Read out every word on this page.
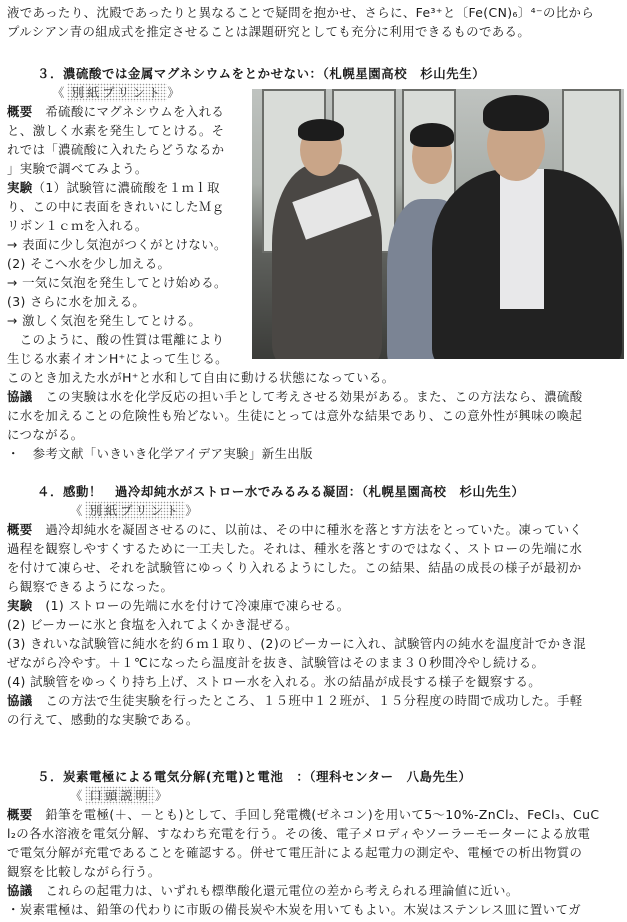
液であったり、沈殿であったりと異なることで疑問を抱かせ、さらに、Fe³⁺と〔Fe(CN)₆〕⁴⁻の比から
プルシアン青の組成式を推定させることは課題研究としても充分に利用できるものである。
３．濃硫酸では金属マグネシウムをとかせない：（札幌星園高校　杉山先生）
《 別紙プリント 》
概要　希硫酸にマグネシウムを入れる
と、激しく水素を発生してとける。そ
れでは「濃硫酸に入れたらどうなるか
」実験で調べてみよう。
実験（1）試験管に濃硫酸を１ｍｌ取
り、この中に表面をきれいにしたＭｇ
リボン１ｃｍを入れる。
→ 表面に少し気泡がつくがとけない。
(2) そこへ水を少し加える。
→ 一気に気泡を発生してとけ始める。
(3) さらに水を加える。
→ 激しく気泡を発生してとける。
　このように、酸の性質は電離により
生じる水素イオンH⁺によって生じる。
このとき加えた水がH⁺と水和して自由に動ける状態になっている。
協議　この実験は水を化学反応の担い手として考えさせる効果がある。また、この方法なら、濃硫酸
に水を加えることの危険性も殆どない。生徒にとっては意外な結果であり、この意外性が興味の喚起
につながる。
・　参考文献「いきいき化学アイデア実験」新生出版
４．感動！　過冷却純水がストロー水でみるみる凝固：（札幌星園高校　杉山先生）
《 別紙プリント 》
概要　過冷却純水を凝固させるのに、以前は、その中に種氷を落とす方法をとっていた。凍っていく
過程を観察しやすくするために一工夫した。それは、種氷を落とすのではなく、ストローの先端に水
を付けて凍らせ、それを試験管にゆっくり入れるようにした。この結果、結晶の成長の様子が最初か
ら観察できるようになった。
実験　(1) ストローの先端に水を付けて冷凍庫で凍らせる。
(2) ビーカーに氷と食塩を入れてよくかき混ぜる。
(3) きれいな試験管に純水を約６ｍ１取り、(2)のビーカーに入れ、試験管内の純水を温度計でかき混
ぜながら冷やす。＋１℃になったら温度計を抜き、試験管はそのまま３０秒間冷やし続ける。
(4) 試験管をゆっくり持ち上げ、ストロー水を入れる。氷の結晶が成長する様子を観察する。
協議　この方法で生徒実験を行ったところ、１５班中１２班が、１５分程度の時間で成功した。手軽
の行えて、感動的な実験である。
５．炭素電極による電気分解(充電)と電池　：（理科センター　八島先生）
《 口頭説明 》
概要　鉛筆を電極(＋、－とも)として、手回し発電機(ゼネコン)を用いて5～10%-ZnCl₂、FeCl₃、CuC
l₂の各水溶液を電気分解、すなわち充電を行う。その後、電子メロディやソーラーモーターによる放電
で電気分解が充電であることを確認する。併せて電圧計による起電力の測定や、電極での析出物質の
観察を比較しながら行う。
協議　これらの起電力は、いずれも標準酸化還元電位の差から考えられる理論値に近い。
・炭素電極は、鉛筆の代わりに市販の備長炭や木炭を用いてもよい。木炭はステンレス皿に置いてガ
